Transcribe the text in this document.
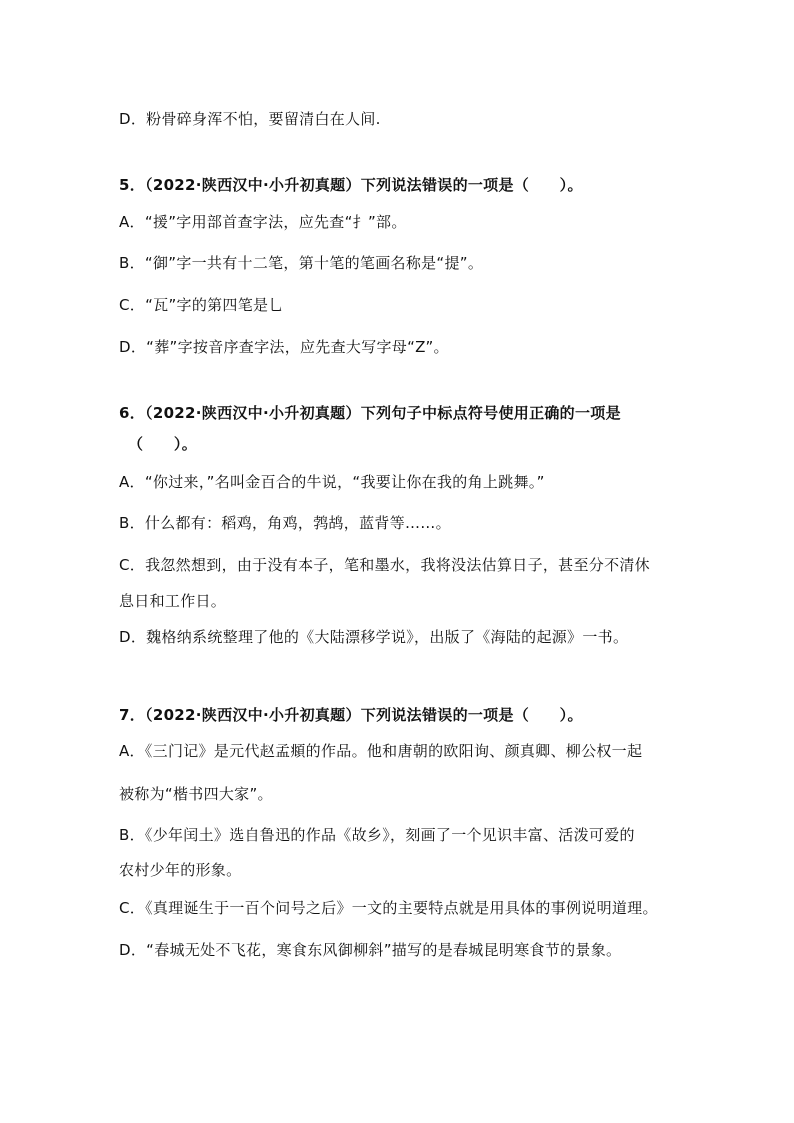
D．粉骨碎身浑不怕，要留清白在人间.
5．（2022·陕西汉中·小升初真题）下列说法错误的一项是（　　）。
A．“援”字用部首查字法，应先查“扌”部。
B．“御”字一共有十二笔，第十笔的笔画名称是“提”。
C．“瓦”字的第四笔是乚
D．“葬”字按音序查字法，应先查大写字母“Z”。
6．（2022·陕西汉中·小升初真题）下列句子中标点符号使用正确的一项是
（　　）。
A．“你过来，”名叫金百合的牛说，“我要让你在我的角上跳舞。”
B．什么都有：稻鸡，角鸡，鹁鸪，蓝背等……。
C．我忽然想到，由于没有本子，笔和墨水，我将没法估算日子，甚至分不清休
息日和工作日。
D．魏格纳系统整理了他的《大陆漂移学说》，出版了《海陆的起源》一书。
7．（2022·陕西汉中·小升初真题）下列说法错误的一项是（　　）。
A．《三门记》是元代赵孟頫的作品。他和唐朝的欧阳询、颜真卿、柳公权一起
被称为“楷书四大家”。
B．《少年闰土》选自鲁迅的作品《故乡》，刻画了一个见识丰富、活泼可爱的
农村少年的形象。
C．《真理诞生于一百个问号之后》一文的主要特点就是用具体的事例说明道理。
D．“春城无处不飞花，寒食东风御柳斜”描写的是春城昆明寒食节的景象。
